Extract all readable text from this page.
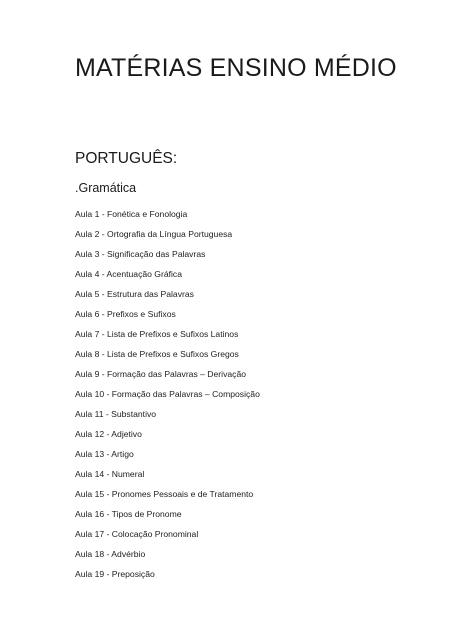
MATÉRIAS ENSINO MÉDIO
PORTUGUÊS:
.Gramática
Aula 1 - Fonética e Fonologia
Aula 2 - Ortografia da Língua Portuguesa
Aula 3 - Significação das Palavras
Aula 4 - Acentuação Gráfica
Aula 5 - Estrutura das Palavras
Aula 6 - Prefixos e Sufixos
Aula 7 - Lista de Prefixos e Sufixos Latinos
Aula 8 - Lista de Prefixos e Sufixos Gregos
Aula 9 - Formação das Palavras – Derivação
Aula 10 - Formação das Palavras – Composição
Aula 11 - Substantivo
Aula 12 - Adjetivo
Aula 13 - Artigo
Aula 14 - Numeral
Aula 15 - Pronomes Pessoais e de Tratamento
Aula 16 - Tipos de Pronome
Aula 17 - Colocação Pronominal
Aula 18 - Advérbio
Aula 19 - Preposição
